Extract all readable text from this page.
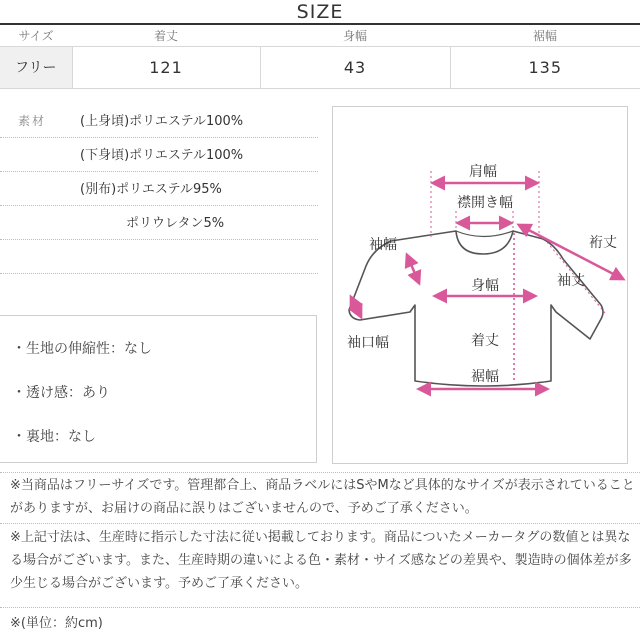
SIZE
サイズ	着丈	身幅	裾幅
フリー	121	43	135
素材	(上身頃)ポリエステル100%
(下身頃)ポリエステル100%
(別布)ポリエステル95%
ポリウレタン5%
・生地の伸縮性：なし
・透け感：あり
・裏地：なし
肩幅
襟開き幅
裄丈
袖幅
袖丈
身幅
袖口幅	着丈
裾幅
※当商品はフリーサイズです。管理都合上、商品ラベルにはSやMなど具体的なサイズが表示されていることがありますが、お届けの商品に誤りはございませんので、予めご了承ください。
※上記寸法は、生産時に指示した寸法に従い掲載しております。商品についたメーカータグの数値とは異なる場合がございます。また、生産時期の違いによる色・素材・サイズ感などの差異や、製造時の個体差が多少生じる場合がございます。予めご了承ください。
※(単位：約cm)
